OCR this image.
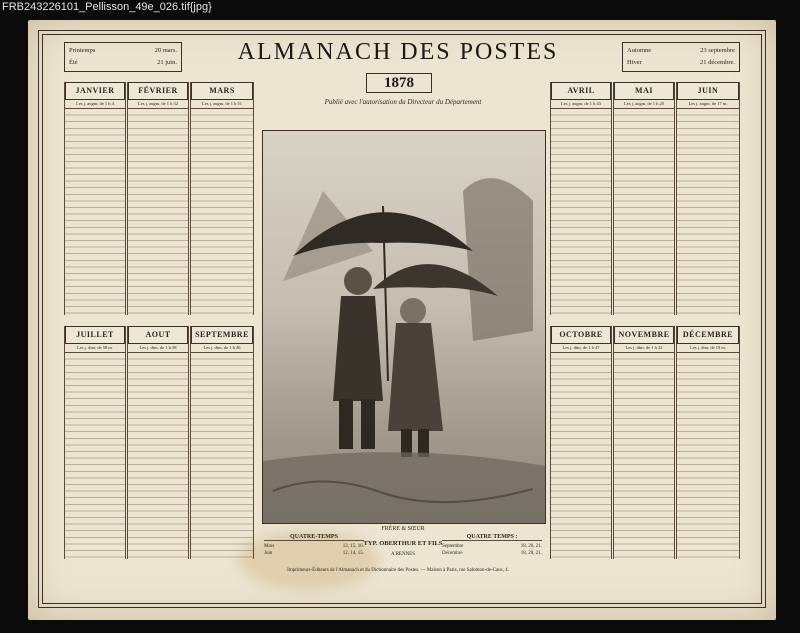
FRB243226101_Pellisson_49e_026.tif{jpg}
Printemps	20 mars.
Été	21 juin.
Automne	23 septembre
Hiver	21 décembre.
ALMANACH DES POSTES
1878
Publié avec l'autorisation du Directeur du Département
JANVIER
Les j. augm. de 1 h 4
FÉVRIER
Les j. augm. de 1 h 32
MARS
Les j. augm. de 1 h 51
AVRIL
Les j. augm. de 1 h 43
MAI
Les j. augm. de 1 h 20
JUIN
Les j. augm. de 17 m.
JUILLET
Les j. dim. de 58 m.
AOUT
Les j. dim. de 1 h 38
SEPTEMBRE
Les j. dim. de 1 h 46
OCTOBRE
Les j. dim. de 1 h 47
NOVEMBRE
Les j. dim. de 1 h 22
DÉCEMBRE
Les j. dim. de 19 m.
FRÈRE & SŒUR
QUATRE-TEMPS
Mars	13, 15, 16.
Juin	12, 14, 15.
QUATRE TEMPS :
Septembre	18, 20, 21.
Décembre	18, 20, 21.
TYP. OBERTHUR ET FILS
A RENNES
Imprimeurs-Éditeurs de l'Almanach et du Dictionnaire des Postes. — Maison à Paris, rue Salomon-de-Caus, 4.
